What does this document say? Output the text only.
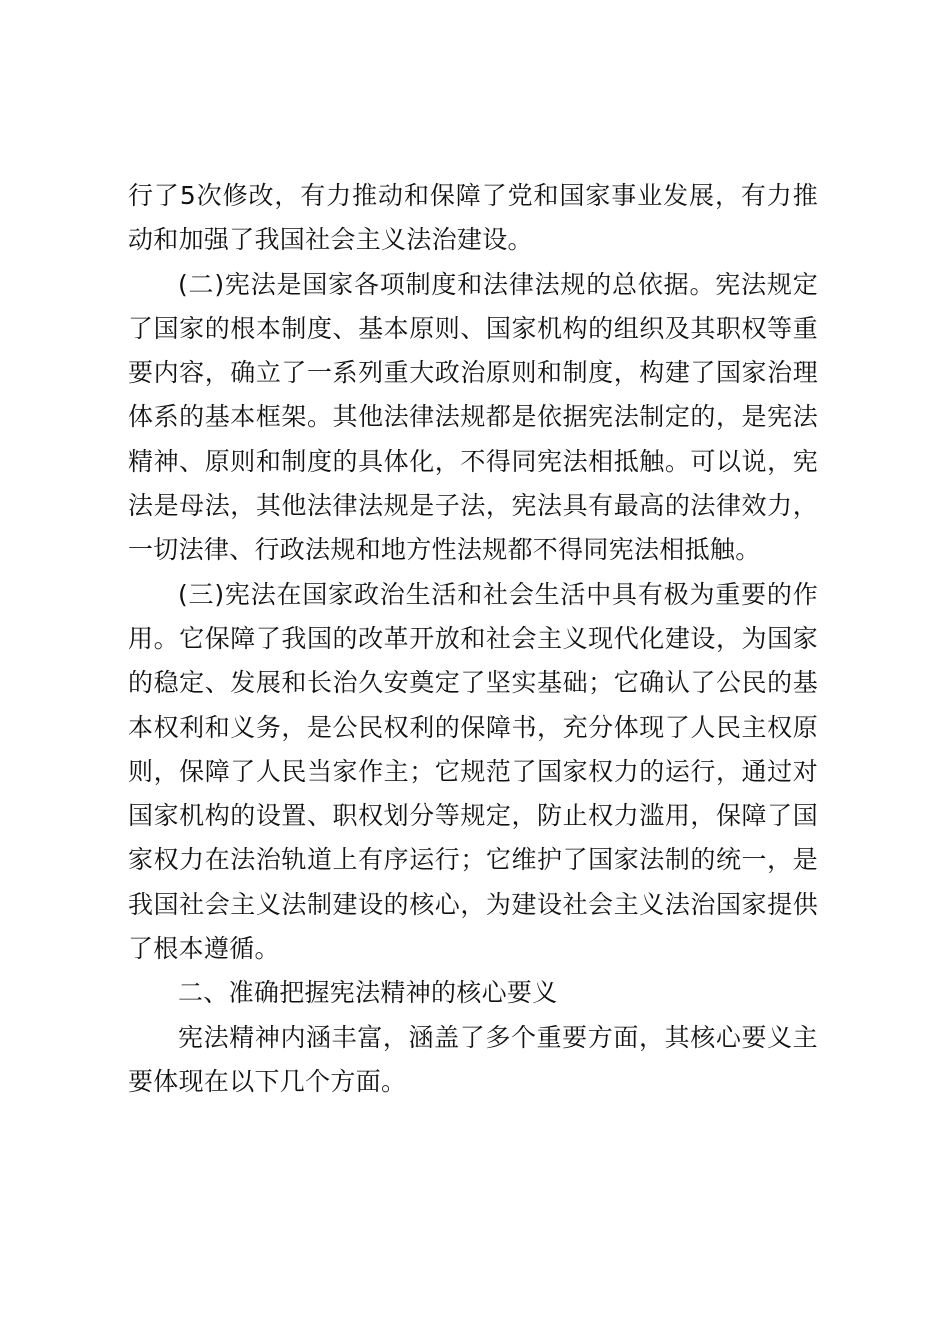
行了5次修改，有力推动和保障了党和国家事业发展，有力推动和加强了我国社会主义法治建设。

(二)宪法是国家各项制度和法律法规的总依据。宪法规定了国家的根本制度、基本原则、国家机构的组织及其职权等重要内容，确立了一系列重大政治原则和制度，构建了国家治理体系的基本框架。其他法律法规都是依据宪法制定的，是宪法精神、原则和制度的具体化，不得同宪法相抵触。可以说，宪法是母法，其他法律法规是子法，宪法具有最高的法律效力，一切法律、行政法规和地方性法规都不得同宪法相抵触。

(三)宪法在国家政治生活和社会生活中具有极为重要的作用。它保障了我国的改革开放和社会主义现代化建设，为国家的稳定、发展和长治久安奠定了坚实基础；它确认了公民的基本权利和义务，是公民权利的保障书，充分体现了人民主权原则，保障了人民当家作主；它规范了国家权力的运行，通过对国家机构的设置、职权划分等规定，防止权力滥用，保障了国家权力在法治轨道上有序运行；它维护了国家法制的统一，是我国社会主义法制建设的核心，为建设社会主义法治国家提供了根本遵循。

二、准确把握宪法精神的核心要义

宪法精神内涵丰富，涵盖了多个重要方面，其核心要义主要体现在以下几个方面。
